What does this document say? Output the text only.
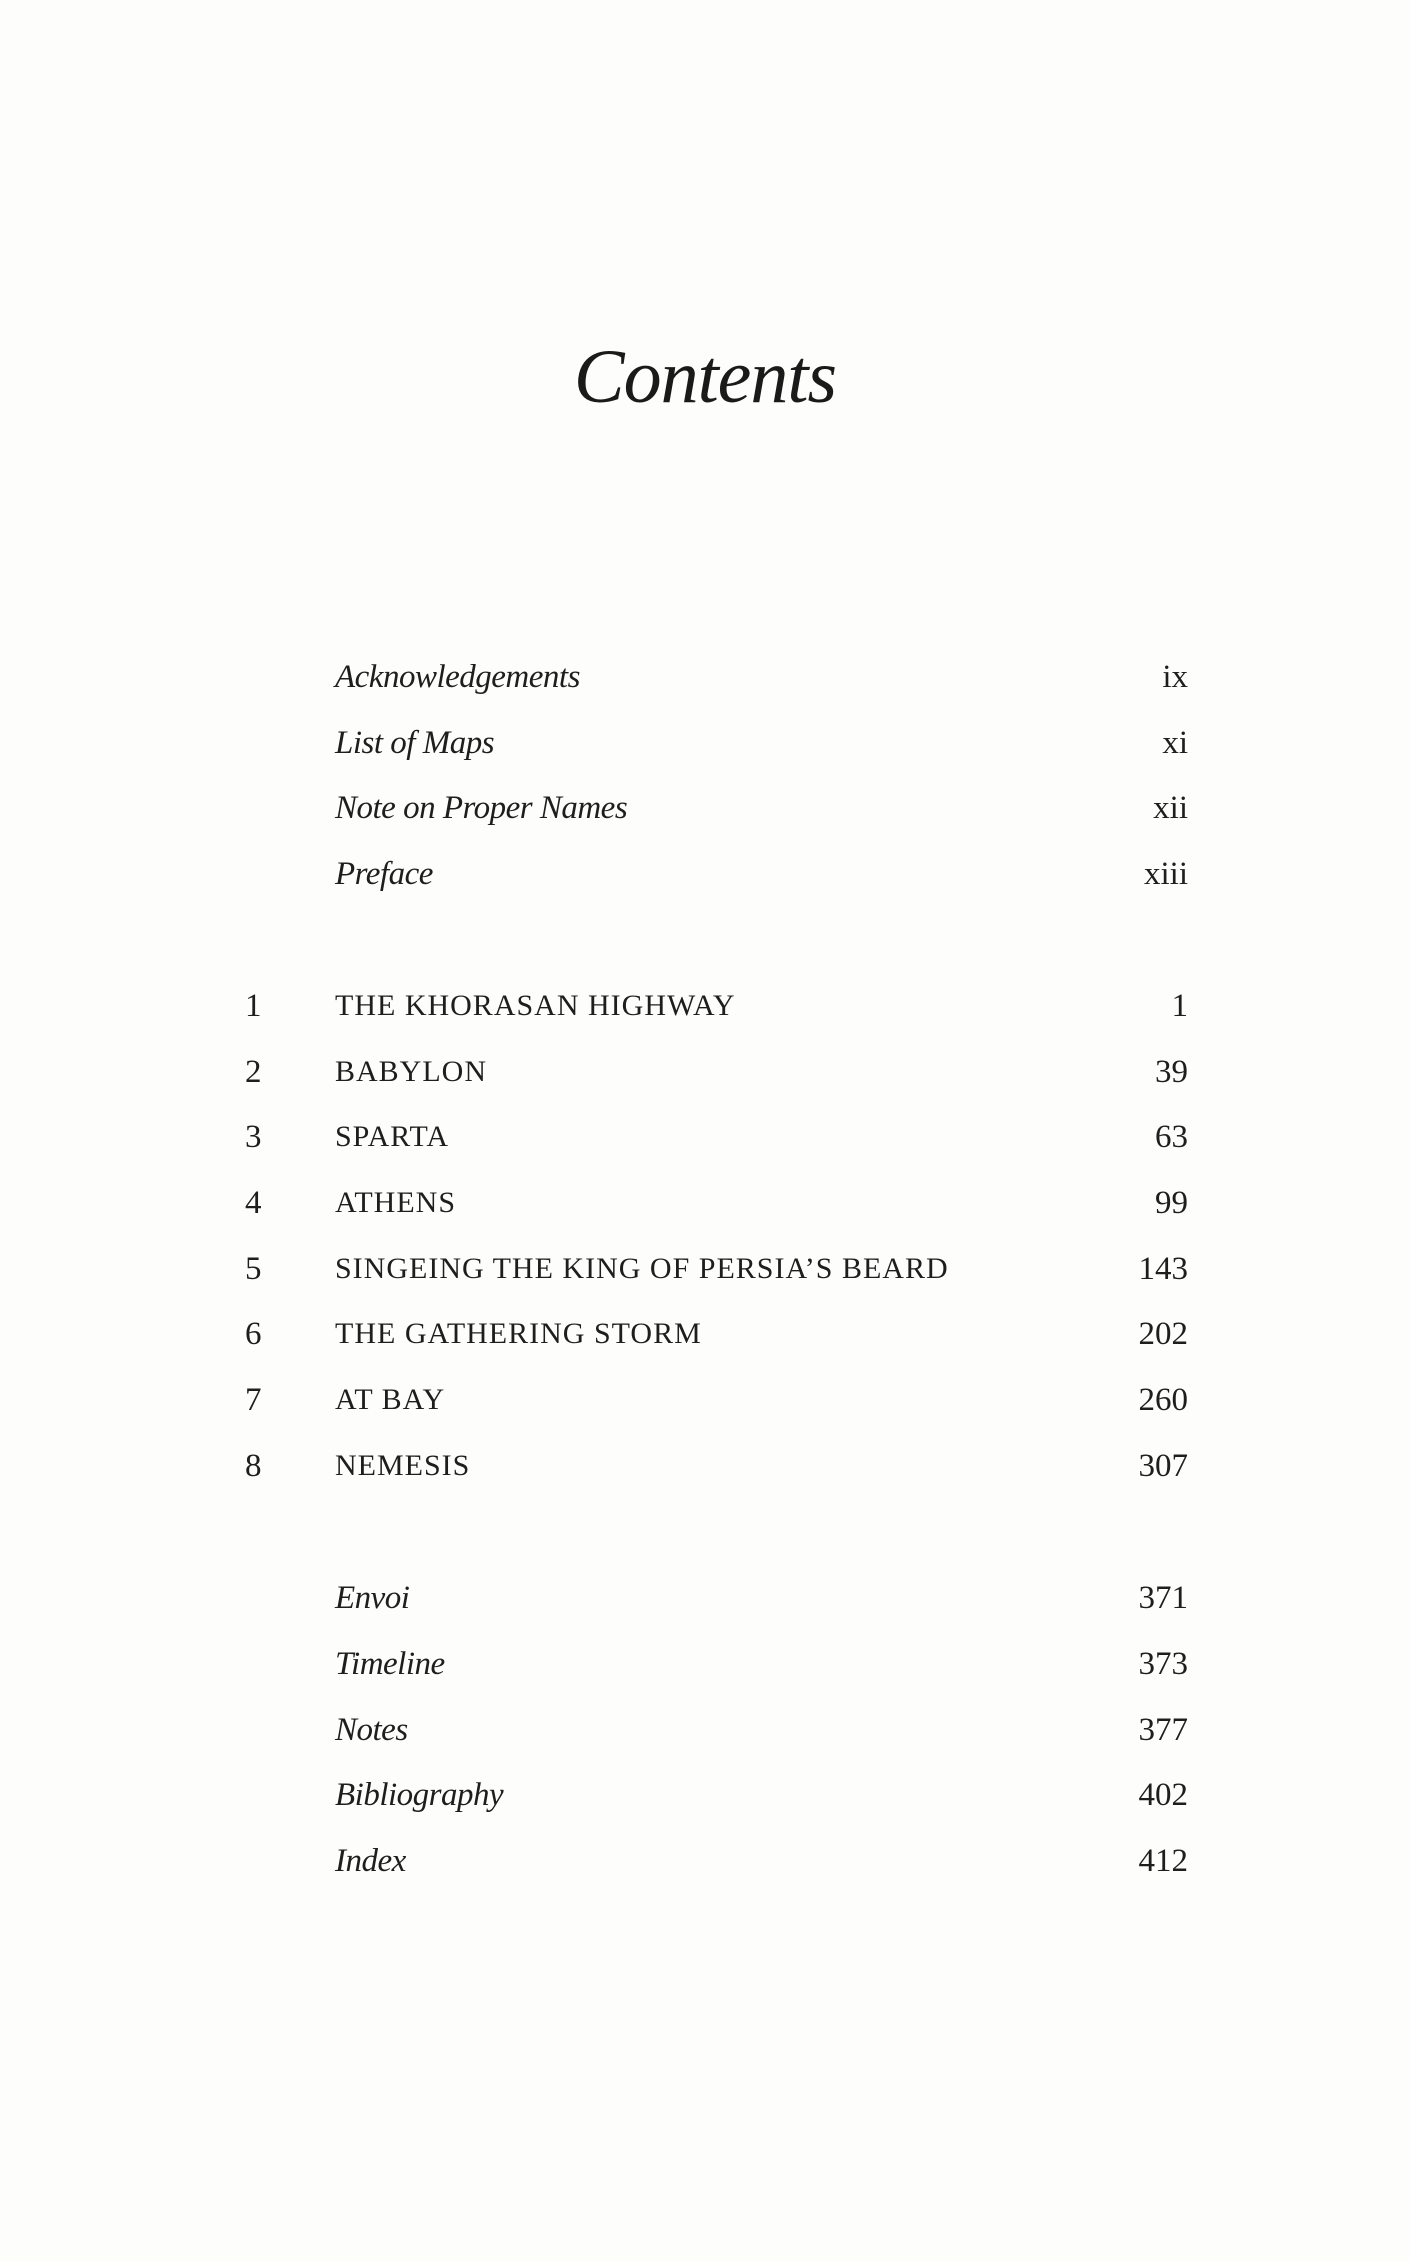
Contents
Acknowledgements	ix
List of Maps	xi
Note on Proper Names	xii
Preface	xiii
1	THE KHORASAN HIGHWAY	1
2	BABYLON	39
3	SPARTA	63
4	ATHENS	99
5	SINGEING THE KING OF PERSIA’S BEARD	143
6	THE GATHERING STORM	202
7	AT BAY	260
8	NEMESIS	307
Envoi	371
Timeline	373
Notes	377
Bibliography	402
Index	412
